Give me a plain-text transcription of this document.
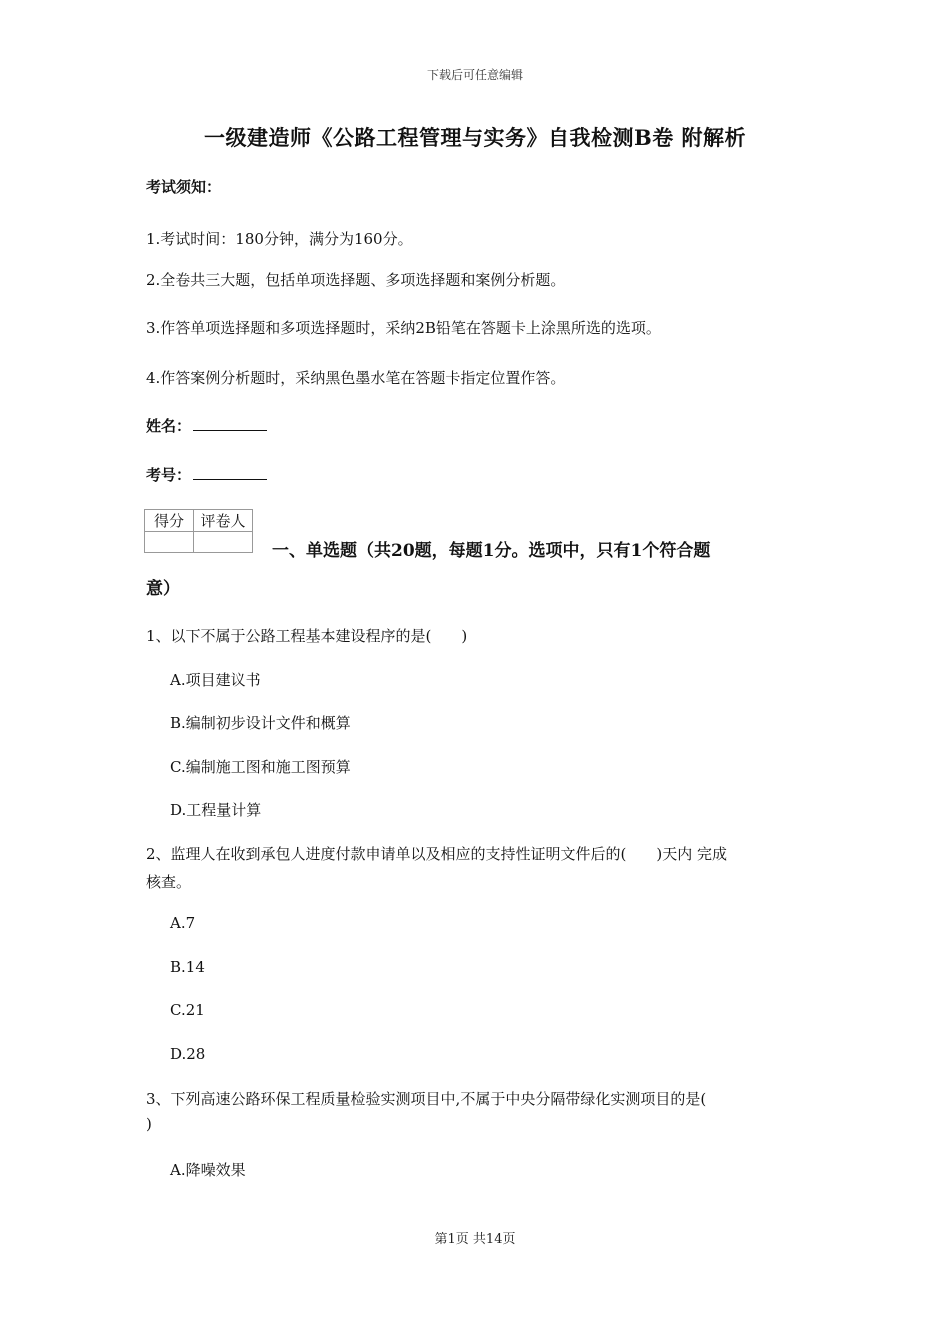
下载后可任意编辑
一级建造师《公路工程管理与实务》自我检测B卷 附解析
考试须知：
1.考试时间：180分钟，满分为160分。
2.全卷共三大题，包括单项选择题、多项选择题和案例分析题。
3.作答单项选择题和多项选择题时，采纳2B铅笔在答题卡上涂黑所选的选项。
4.作答案例分析题时，采纳黑色墨水笔在答题卡指定位置作答。
姓名：
考号：
得分	评卷人

一、单选题（共20题，每题1分。选项中，只有1个符合题
意）
1、以下不属于公路工程基本建设程序的是(　　)
A.项目建议书
B.编制初步设计文件和概算
C.编制施工图和施工图预算
D.工程量计算
2、监理人在收到承包人进度付款申请单以及相应的支持性证明文件后的(　　)天内 完成
核查。
A.7
B.14
C.21
D.28
3、下列高速公路环保工程质量检验实测项目中,不属于中央分隔带绿化实测项目的是(
)
A.降噪效果
第1页 共14页
